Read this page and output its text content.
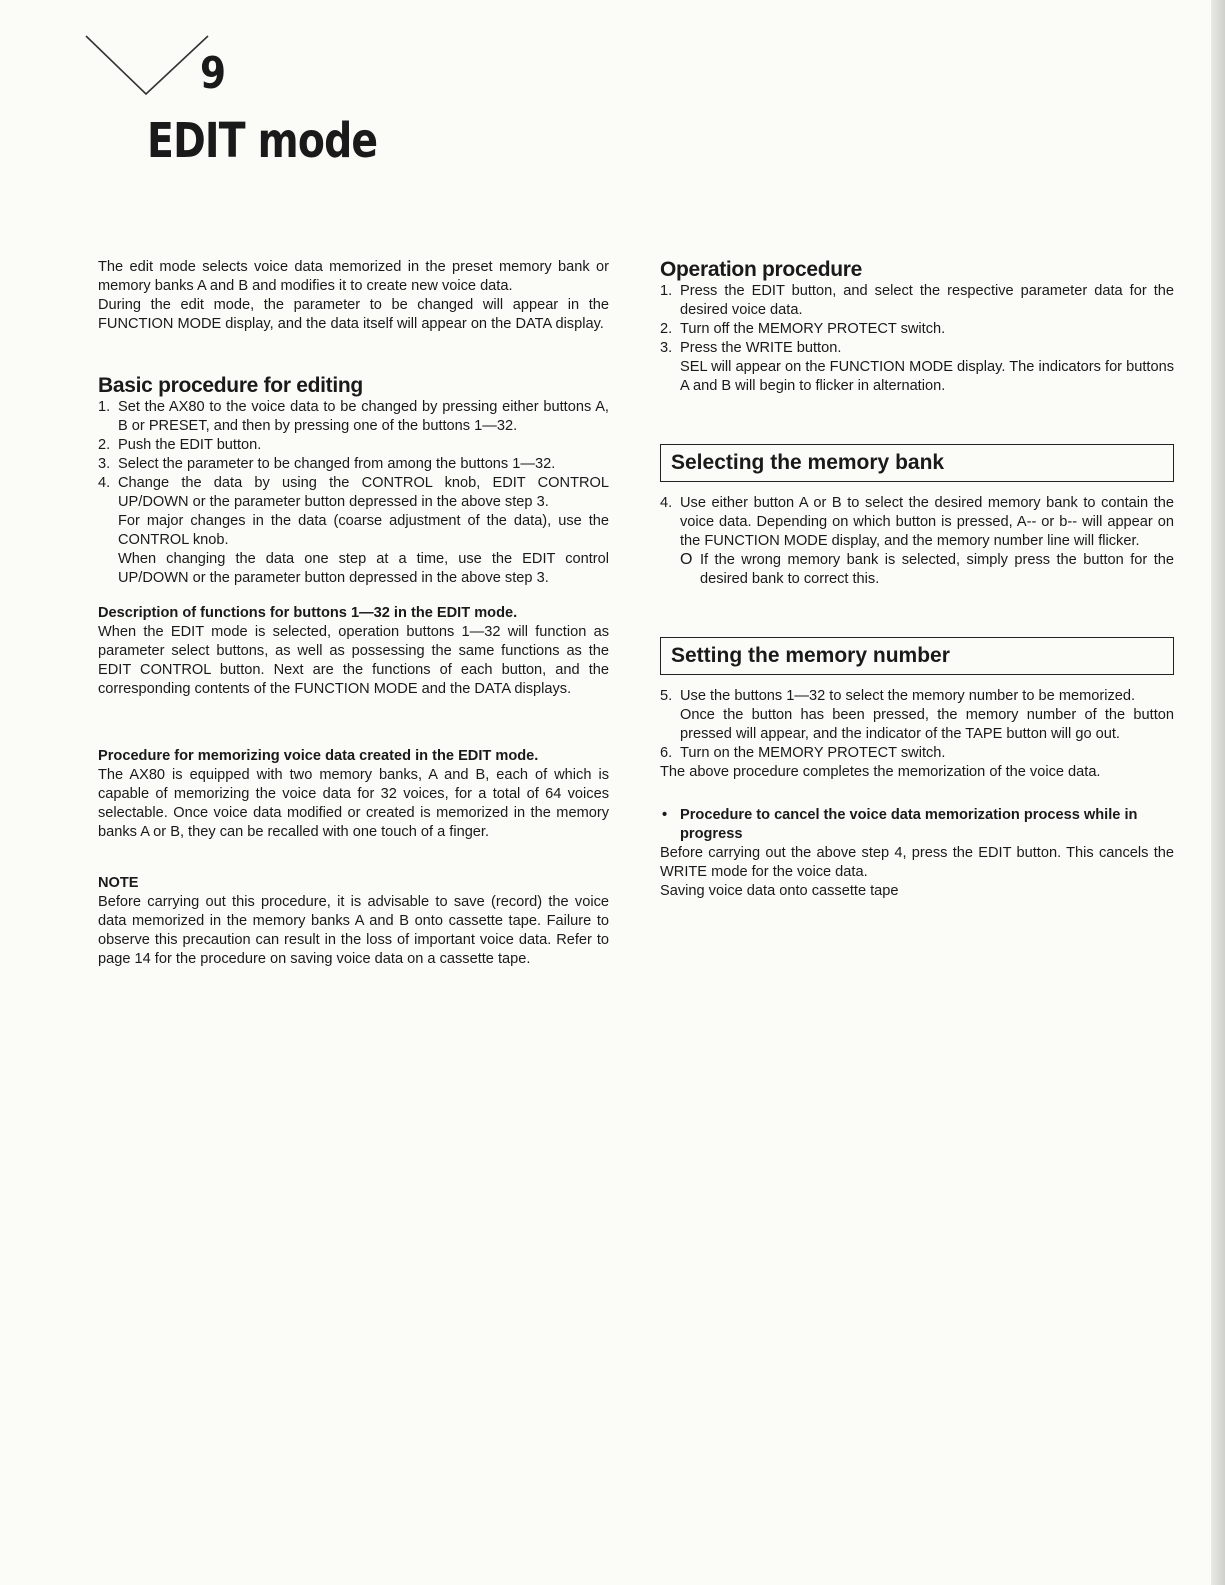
9
EDIT mode

The edit mode selects voice data memorized in the preset memory bank or memory banks A and B and modifies it to create new voice data.

During the edit mode, the parameter to be changed will appear in the FUNCTION MODE display, and the data itself will appear on the DATA display.

Basic procedure for editing
1. Set the AX80 to the voice data to be changed by pressing either buttons A, B or PRESET, and then by pressing one of the buttons 1—32.
2. Push the EDIT button.
3. Select the parameter to be changed from among the buttons 1—32.
4. Change the data by using the CONTROL knob, EDIT CONTROL UP/DOWN or the parameter button depressed in the above step 3.

For major changes in the data (coarse adjustment of the data), use the CONTROL knob.

When changing the data one step at a time, use the EDIT control UP/DOWN or the parameter button depressed in the above step 3.

Description of functions for buttons 1—32 in the EDIT mode.

When the EDIT mode is selected, operation buttons 1—32 will function as parameter select buttons, as well as possessing the same functions as the EDIT CONTROL button. Next are the functions of each button, and the corresponding contents of the FUNCTION MODE and the DATA displays.

Procedure for memorizing voice data created in the EDIT mode.

The AX80 is equipped with two memory banks, A and B, each of which is capable of memorizing the voice data for 32 voices, for a total of 64 voices selectable. Once voice data modified or created is memorized in the memory banks A or B, they can be recalled with one touch of a finger.

NOTE

Before carrying out this procedure, it is advisable to save (record) the voice data memorized in the memory banks A and B onto cassette tape. Failure to observe this precaution can result in the loss of important voice data. Refer to page 14 for the procedure on saving voice data on a cassette tape.

Operation procedure
1. Press the EDIT button, and select the respective parameter data for the desired voice data.
2. Turn off the MEMORY PROTECT switch.
3. Press the WRITE button.

SEL will appear on the FUNCTION MODE display. The indicators for buttons A and B will begin to flicker in alternation.

Selecting the memory bank
4. Use either button A or B to select the desired memory bank to contain the voice data. Depending on which button is pressed, A-- or b-- will appear on the FUNCTION MODE display, and the memory number line will flicker.
O If the wrong memory bank is selected, simply press the button for the desired bank to correct this.

Setting the memory number
5. Use the buttons 1—32 to select the memory number to be memorized.

Once the button has been pressed, the memory number of the button pressed will appear, and the indicator of the TAPE button will go out.

6. Turn on the MEMORY PROTECT switch.

The above procedure completes the memorization of the voice data.

• Procedure to cancel the voice data memorization process while in progress

Before carrying out the above step 4, press the EDIT button. This cancels the WRITE mode for the voice data.

Saving voice data onto cassette tape
